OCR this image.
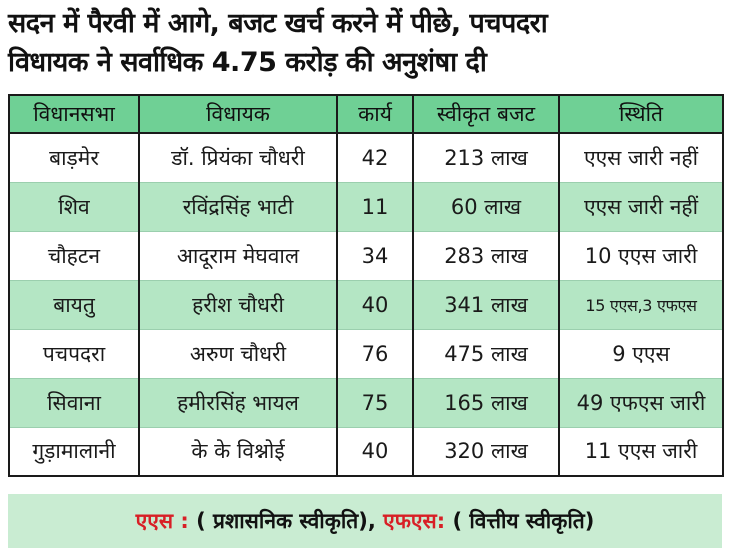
सदन में पैरवी में आगे, बजट खर्च करने में पीछे, पचपदरा
विधायक ने सर्वाधिक 4.75 करोड़ की अनुशंषा दी
विधानसभा	विधायक	कार्य	स्वीकृत बजट	स्थिति
बाड़मेर	डॉ. प्रियंका चौधरी	42	213 लाख	एएस जारी नहीं
शिव	रविंद्रसिंह भाटी	11	60 लाख	एएस जारी नहीं
चौहटन	आदूराम मेघवाल	34	283 लाख	10 एएस जारी
बायतु	हरीश चौधरी	40	341 लाख	15 एएस,3 एफएस
पचपदरा	अरुण चौधरी	76	475 लाख	9 एएस
सिवाना	हमीरसिंह भायल	75	165 लाख	49 एफएस जारी
गुड़ामालानी	के के विश्नोई	40	320 लाख	11 एएस जारी
एएस : ( प्रशासनिक स्वीकृति), एफएस: ( वित्तीय स्वीकृति)
